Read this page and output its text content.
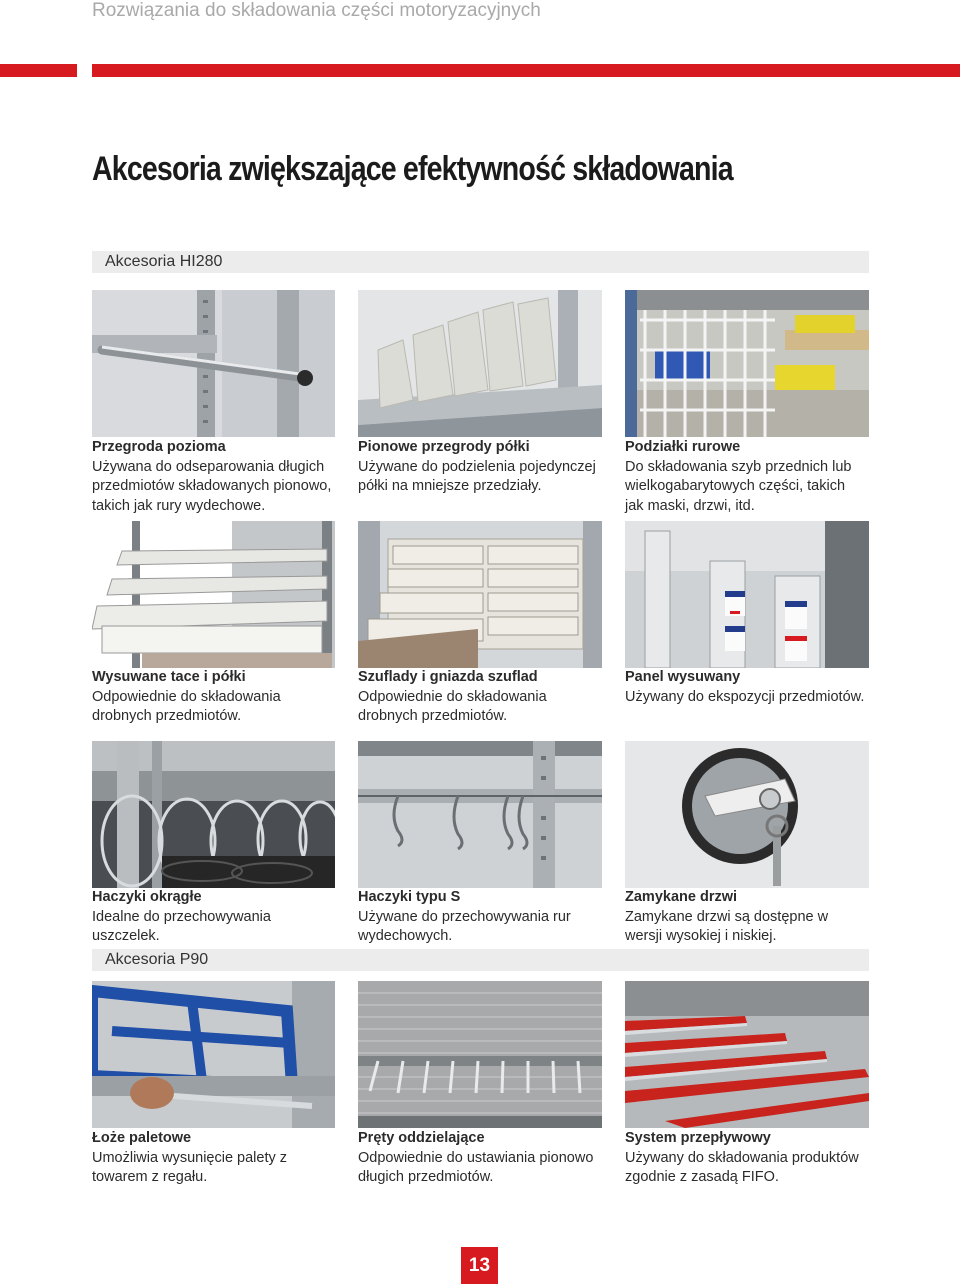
Rozwiązania do składowania części motoryzacyjnych
Akcesoria zwiększające efektywność składowania
Akcesoria HI280
Przegroda pozioma
Używana do odseparowania długich przedmiotów składowanych pionowo, takich jak rury wydechowe.
Pionowe przegrody półki
Używane do podzielenia pojedynczej półki na mniejsze przedziały.
Podziałki rurowe
Do składowania szyb przednich lub wielkogabarytowych części, takich jak maski, drzwi, itd.
Wysuwane tace i półki
Odpowiednie do składowania drobnych przedmiotów.
Szuflady i gniazda szuflad
Odpowiednie do składowania drobnych przedmiotów.
Panel wysuwany
Używany do ekspozycji przedmiotów.
Haczyki okrągłe
Idealne do przechowywania uszczelek.
Haczyki typu S
Używane do przechowywania rur wydechowych.
Zamykane drzwi
Zamykane drzwi są dostępne w wersji wysokiej i niskiej.
Akcesoria P90
Łoże paletowe
Umożliwia wysunięcie palety z towarem z regału.
Pręty oddzielające
Odpowiednie do ustawiania pionowo długich przedmiotów.
System przepływowy
Używany do składowania produktów zgodnie z zasadą FIFO.
13
